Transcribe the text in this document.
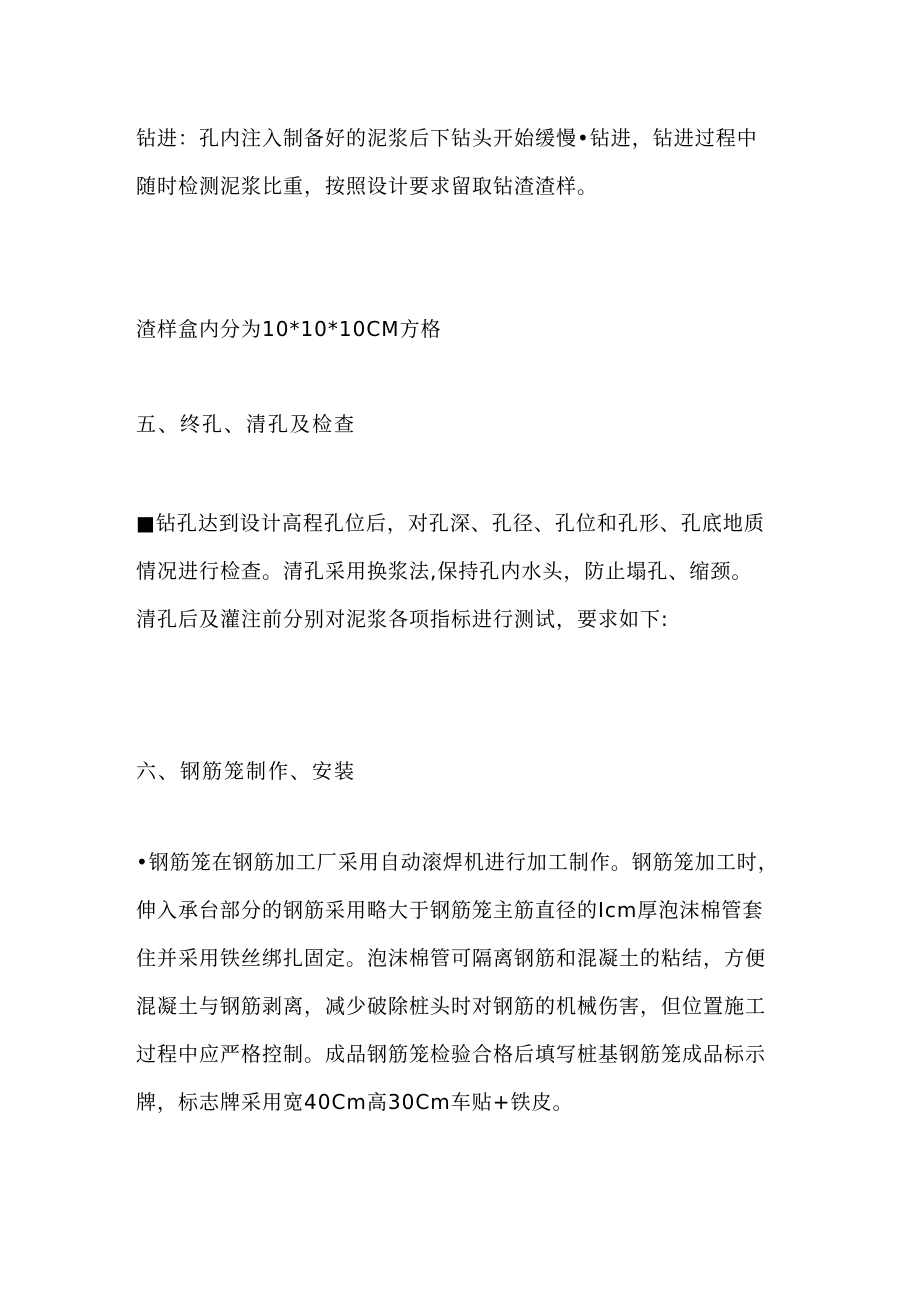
钻进：孔内注入制备好的泥浆后下钻头开始缓慢•钻进，钻进过程中
随时检测泥浆比重，按照设计要求留取钻渣渣样。
渣样盒内分为10*10*10CM方格
五、终孔、清孔及检查
■钻孔达到设计高程孔位后，对孔深、孔径、孔位和孔形、孔底地质
情况进行检查。清孔采用换浆法,保持孔内水头，防止塌孔、缩颈。
清孔后及灌注前分别对泥浆各项指标进行测试，要求如下:
六、钢筋笼制作、安装
•钢筋笼在钢筋加工厂采用自动滚焊机进行加工制作。钢筋笼加工时，
伸入承台部分的钢筋采用略大于钢筋笼主筋直径的Icm厚泡沫棉管套
住并采用铁丝绑扎固定。泡沫棉管可隔离钢筋和混凝土的粘结，方便
混凝土与钢筋剥离，减少破除桩头时对钢筋的机械伤害，但位置施工
过程中应严格控制。成品钢筋笼检验合格后填写桩基钢筋笼成品标示
牌，标志牌采用宽40Cm高30Cm车贴+铁皮。
